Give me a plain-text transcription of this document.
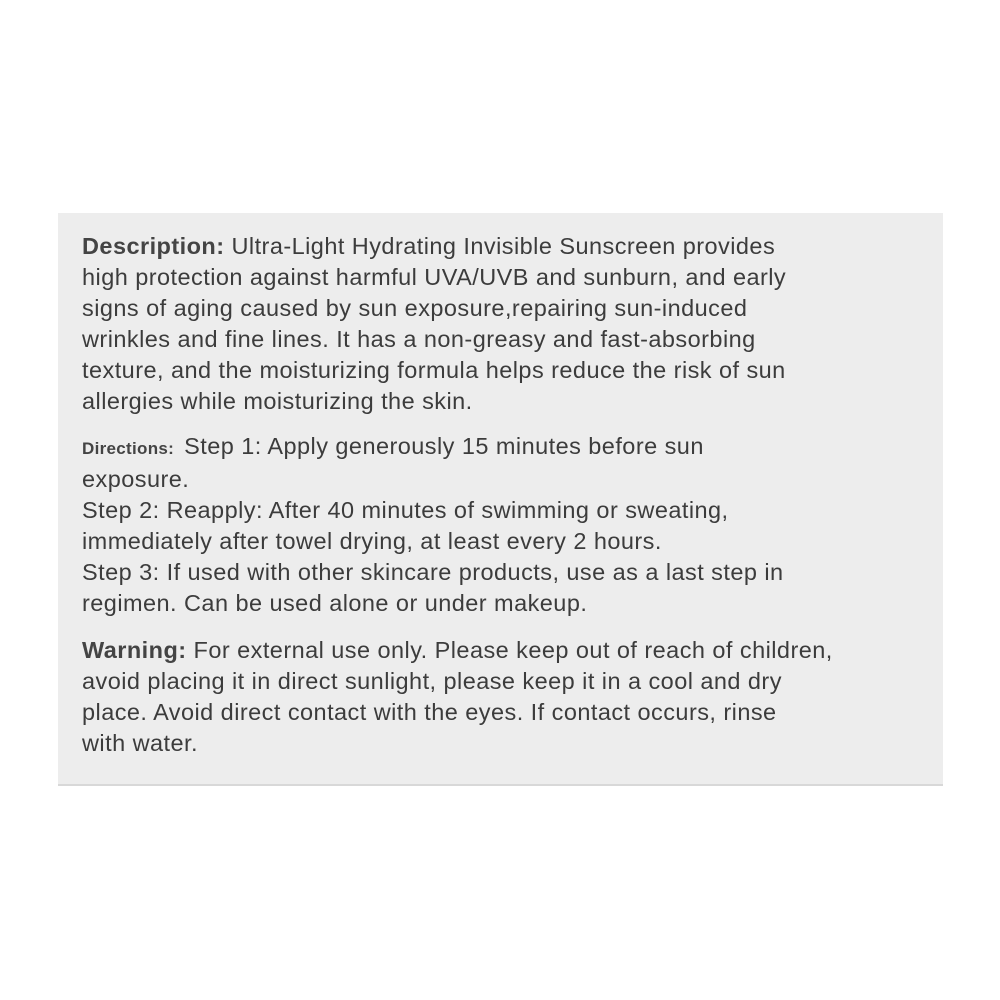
Description: Ultra-Light Hydrating Invisible Sunscreen provides
high protection against harmful UVA/UVB and sunburn, and early
signs of aging caused by sun exposure,repairing sun-induced
wrinkles and fine lines. It has a non-greasy and fast-absorbing
texture, and the moisturizing formula helps reduce the risk of sun
allergies while moisturizing the skin.
Directions: Step 1: Apply generously 15 minutes before sun
exposure.
Step 2: Reapply: After 40 minutes of swimming or sweating,
immediately after towel drying, at least every 2 hours.
Step 3: If used with other skincare products, use as a last step in
regimen. Can be used alone or under makeup.
Warning: For external use only. Please keep out of reach of children,
avoid placing it in direct sunlight, please keep it in a cool and dry
place. Avoid direct contact with the eyes. If contact occurs, rinse
with water.
